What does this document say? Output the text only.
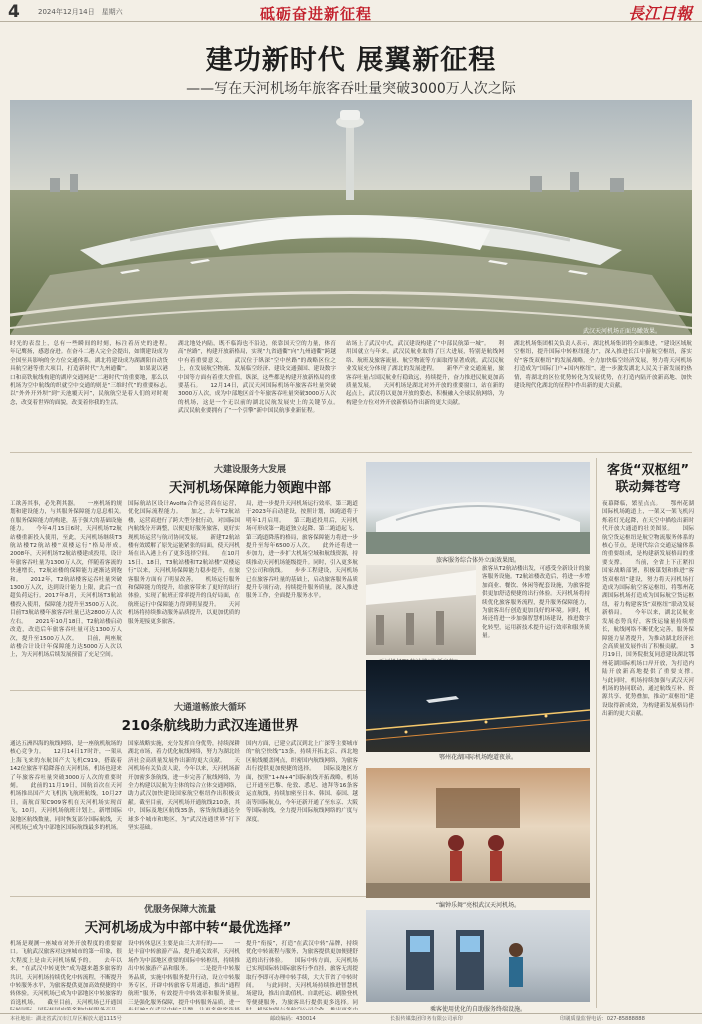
4	2024年12月14日　星期六	砥砺奋进新征程	長江日報
建功新时代 展翼新征程
——写在天河机场年旅客吞吐量突破3000万人次之际
武汉天河机场正面鸟瞰效果。
时光的表盘上，总有一些瞬间的时刻，标注着历史的进程。　　年记鹰扬，感恩奋进。在奋斗二港人完全会提出，如期建设成为全国至具影响的全方位交通体系，湖北将建设成为湖湖阳自动货具航空港等重大项目，打造新时代“九州通衢”。　　如果说以港口和高铁航线构建的湖岸交通网是“二港时代”的重要地，那么以机场为空中航线的织就空中交通的则是“三维时代”的重要标志。　　以“外外开外坝”到“天池覆天河”，民航航空是着人们的对时观念，改变着世界的面貌，改变着你我的生活。
湖北地处内陆，既不临海也不沿边，依靠国天空的力量，体育高“丝路”，构建开放新格局，实现“九省通衢”向“九州通衢”跨越中有着重要意义。　　武汉位于纵深“空中丝路”的战略区位之上，在发展航空物流、发展临空经济、建设交通强国、建设数字中国等方面有着重大价值，纵深，这些都是构建开放新格局的重要基石。　　12月14日，武汉天河国际机场年旅客吞吐量突破3000万人次，成为中部地区首个年旅客吞吐量突破3000万人次的机场，这是一个无以前的湖北民航发展史上的关键节点。　　武汉民航业要拥有了“一个引擎”新中国民航事业新征程。
站场上了武汉中式，武汉建设构建了“中部民航第一城”。　　利用国就立与年来，武汉民航业取得了巨大进展，特别是航线网络、航班及旅客流量、航空物流等方面取得显著成就。武汉民航业发展充分体现了湖北的发展进程。　　新华产业交通流量，旅客吞吐量占国民航业行稳致远，持续提升，奋力推进民航更加高质量发展。　　天河机场是湖北对外开放的重要窗口，站在新的起点上，武汉将以更加开放的姿态，积极融入全球民航网络，为构建全方位对外开放新格局作出新的更大贡献。
湖北机场集团相关负责人表示，湖北机场集团将全面推进，“建设区域航空枢纽，提升国际中转枢纽能力”，深入推进长江中游航空枢纽，落实好“客货双枢纽”的发展战略，全力加快临空经济发展，努力将天河机场打造成为“国际门户+国内枢纽”，进一步激发湖北人民关于新发展的热情，将湖北的区位优势转化为发展优势，在打造内陆开放新高地、加快建设现代化湖北的征程中作出新的更大贡献。
大建设服务大发展
天河机场保障能力领跑中部
工欲善其事，必先利其器。　　一座机场的规划和建设能力，与其服务保障能力息息相关。　　在服务保障能力的构建，基于强大的基础设施能力。　　今年4月15日6时，天河机场T2航站楼重新投入使用，至此，天河机场继续T3航站楼T2航站楼“双楼运行”格局形成。　　2008年，天河机场T2航站楼建成投用，设计年旅客吞吐量为1300万人次，伴随着客流的快速增长，T2航站楼的保障能力逐渐达到饱和。　　2012年，T2航站楼客运吞吐量突破1300万人次，达到设计能力上限，此后一直超负荷运行。2017年8月，天河机场T3航站楼投入使用，保障能力提升至3500万人次。目前T3航站楼年旅客吞吐量已达2800万人次左右。　　2021年10月18日，T2航站楼启动改造，改造后年旅客吞吐量可达1300万人次，提升至1500万人次。　　目前，两座航站楼合计设计年保障能力达5000万人次以上，为天河机场后续发展预留了充足空间。
国际航站区设计Avolfa合作运营商在运营，优化国际流程能力。　　加之，去年T2航站楼，运营商进行了跨大型分批行动，对国际国内航线分开调整，以便更好服务旅客，更好实现机场运营与航司协同发展。　　新建T2航站楼有效缓解了原先运能紧张的局面，使天河机场在出入港上有了更多选择空间。　　在10月15日、18日，T3航站楼和T2航站楼“双楼运行”以来，天河机场保障能力稳步提升，在旅客服务方面有了明显改善。　　机场运行服务和保障能力的提升，给旅客带来了更好的出行体验，实现了航班正常率提升的良好局面，在航班运行中保障能力得到明显提升。　　天河机场将持续推动服务品质提升，以更加优质的服务迎接更多旅客。
局，进一步提升天河机场运行效率，第三跑道于2023年启动建设，按照计划，该跑道将于明年1月启用。　　第三跑道投用后，天河机场可形成第一跑道独立起降、第二跑道起飞、第三跑道降落的格局，旅客保障能力将进一步提升至每年6500万人次。　　此外还将进一步加力，进一步扩大机场空域和航线资源，持续推动天河机场能级提升。同时，引入更多航空公司和航线。　　步步工程建设，天河机场已在旅客吞吐量的基础上，启动旅客服务品质提升专项行动，持续提升服务质量，深入推进服务工作，全面提升服务水平。
旅客服务综合体外立面效果图。
旅客从T2航站楼出发，可感受全新设计的旅客服务设施。T2航站楼改造后，将进一步增加商业、餐饮、休闲等配套设施，为旅客提供更加舒适便捷的出行体验。天河机场将持续优化旅客服务流程，提升服务保障能力，为旅客出行创造更加良好的环境。同时，机场还将进一步加强智慧机场建设，推进数字化转型，运用新技术提升运行效率和服务质量。
大通道畅旅大循环
210条航线助力武汉连通世界
通达五洲四海的航线网络，是一座航机航场的核心竞争力。　　12月14日17时许，一架从上海飞来的东航国产大飞机C919，搭载着142位旅客平稳降落在天河机场，机场也迎来了年旅客吞吐量突破3000万人次的重要时刻。　　此前的11月19日，国航首次在天河机场推出国产大飞机执飞航班航线，10月27日，南航首架C909客机在天河机场实现首飞，10月，天河机场航班计划上，新增国际及地区航线数量，同时恢复部分国际航线，天河机场已成为中部地区国际航线最多的机场。
国家战略实施，充分发挥自身优势，持续深耕湖北市场，着力优化航线网络，努力为湖北经济社会高质量发展作出新的更大贡献。　　天河机场有关负责人说，今年以来，天河机场新开加密多条航线，进一步完善了航线网络，为全力构建以民航为主体的综合立体交通网络，助力武汉加快建设国家航空枢纽作出积极贡献。截至目前，天河机场开通航线210条，其中，国际及地区航线35条，客货航线通达全球多个城市和地区，为“武汉连通世界”打下坚实基础。
国内方面，已建立武汉到北上广深等主要城市的“航空快线”13条，持续开拓北京、西北地区航线覆盖网点，织密国内航线网络，为旅客出行提供更加便捷的选择。　　国际及地区方面，按照“1+N+4”国际航线开拓战略，机场已开通至巴黎、伦敦、悉尼、迪拜等16条客运直航线，持续加密至日本、韩国、泰国、越南等国际航点，今年还新开通了至东京、大阪等国际航线，全力提升国际航线网络的广度与深度。
鄂州花湖国际机场跑道夜景。
优服务保障大流量
天河机场成为中部中转“最优选择”
机场是观测一座城市对外开放程度的重要窗口。飞航武汉旅客对这座城市的第一印象，很大程度上是由天河机场赋予的。　　去年以来，“在武汉中转更快”成为越来越多旅客的共识。天河机场持续优化中转流程，不断提升中转服务水平，为旅客提供更加高效便捷的中转体验。天河机场已成为中部地区中转旅客的首选机场。　　截至目前，天河机场已开通国
设中转休息区主要是由三大并行的——　　一是丰富中转旅游产品，提升通关效率，天河机场作为中部地区重要的国际中转枢纽，持续推出中转旅游产品和服务。　　二是提升中转服务品质，实施中转服务提升行动，设立中转服务专区，开辟中转旅客专用通道，推出“通程航班”服务，有效提升中转效率和服务质量。　　三是强化服务保障，提升中转服务品质，进一
提升“衔接”，打造“在武汉中转”品牌，持续优化中转流程与服务，为旅客提供更加便捷舒适的出行体验。　　国际中转方面，天河机场已实现国际转国际旅客行李直挂，旅客无需提取行李即可办理中转手续，大大节省了中转时间。　　与此同时，天河机场持续推进智慧机场建设，推出自助值机、自助托运、刷脸登机等便捷服务，为旅客出行提供更多选择。同
“编钟乐舞”亮相武汉天河机场。
乘客使用优化的自助服务终端设施。
客货“双枢纽”
联动舞苍穹
夜幕降临，繁星点点。　　鄂州花湖国际机场跑道上，一架又一架飞机闪烁着灯光起降，在天空中描绘出新时代开放大通道的壮美图景。　　国际航空货运枢纽是航空物流服务体系的核心节点，是现代综合交通运输体系的重要组成，是构建新发展格局的重要支撑。　　当前，全省上下正紧扣国家战略部署，积极谋划和推进“客货双枢纽”建设，努力将天河机场打造成为国际航空客运枢纽，将鄂州花湖国际机场打造成为国际航空货运枢纽，着力构建客货“双枢纽”联动发展新格局。　　今年以来，湖北民航业发展态势良好，客货运输量持续增长，航线网络不断优化完善，服务保障能力显著提升，为推动湖北经济社会高质量发展作出了积极贡献。　　3月19日，国务院批复同意建设湖北鄂州花湖国际机场口岸开放，为打造内陆开放新高地提供了重要支撑。　　与此同时，机场持续加强与武汉天河机场的协同联动，通过航线互补、资源共享、优势叠加，推动“双枢纽”建设取得新成效，为构建新发展格局作出新的更大贡献。
本社地址：湖北省武汉市江岸区解放大道1115号	邮政编码：430014	长报传媒集团印务有限公司承印	印刷质量监督电话：027-85888888
